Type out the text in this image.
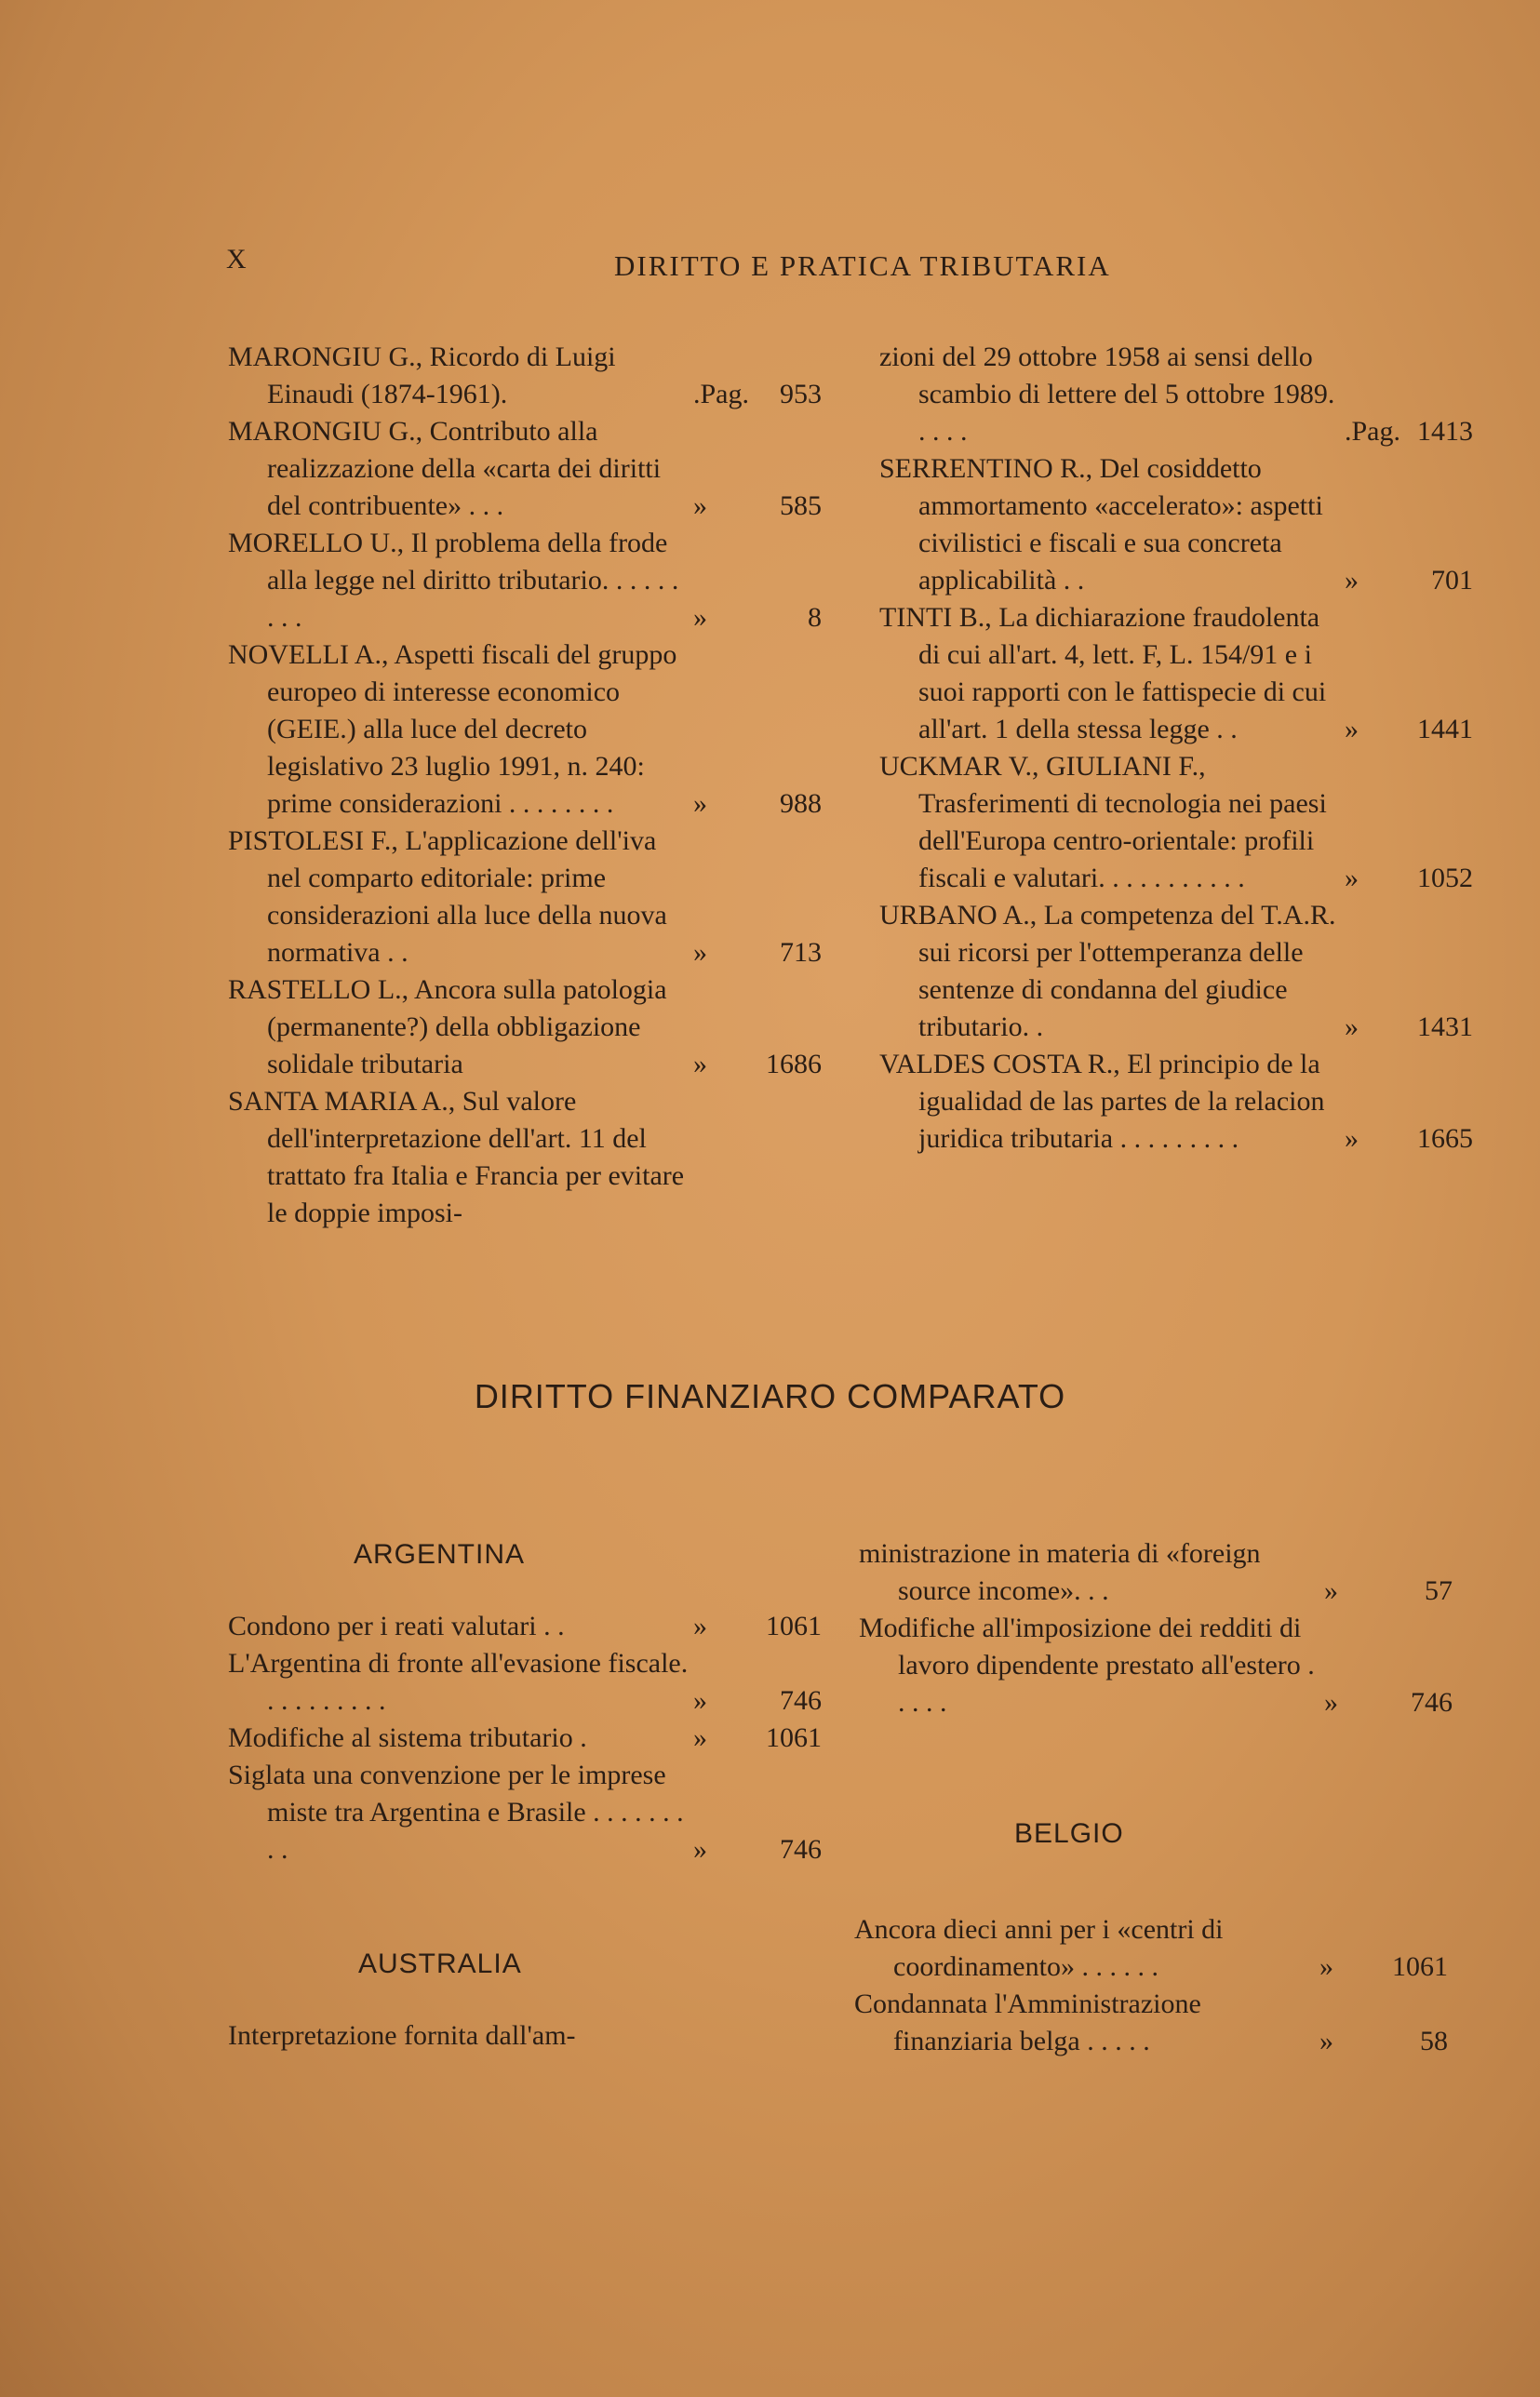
X	DIRITTO E PRATICA TRIBUTARIA
MARONGIU G., Ricordo di Luigi Einaudi (1874-1961).	.Pag. 953
MARONGIU G., Contributo alla realizzazione della «carta dei diritti del contribuente» . . .	»	585
MORELLO U., Il problema della frode alla legge nel diritto tributario. . . . . . . . .	»	8
NOVELLI A., Aspetti fiscali del gruppo europeo di interesse economico (GEIE.) alla luce del decreto legislativo 23 luglio 1991, n. 240: prime considerazioni . . . . . . . .	»	988
PISTOLESI F., L'applicazione dell'iva nel comparto editoriale: prime considerazioni alla luce della nuova normativa . .	»	713
RASTELLO L., Ancora sulla patologia (permanente?) della obbligazione solidale tributaria	» 1686
SANTA MARIA A., Sul valore dell'interpretazione dell'art. 11 del trattato fra Italia e Francia per evitare le doppie imposi-
zioni del 29 ottobre 1958 ai sensi dello scambio di lettere del 5 ottobre 1989. . . . .	.Pag. 1413
SERRENTINO R., Del cosiddetto ammortamento «accelerato»: aspetti civilistici e fiscali e sua concreta applicabilità . .	»	701
TINTI B., La dichiarazione fraudolenta di cui all'art. 4, lett. F, L. 154/91 e i suoi rapporti con le fattispecie di cui all'art. 1 della stessa legge . .	» 1441
UCKMAR V., GIULIANI F., Trasferimenti di tecnologia nei paesi dell'Europa centro-orientale: profili fiscali e valutari. . . . . . . . . . .	» 1052
URBANO A., La competenza del T.A.R. sui ricorsi per l'ottemperanza delle sentenze di condanna del giudice tributario. .	» 1431
VALDES COSTA R., El principio de la igualidad de las partes de la relacion juridica tributaria . . . . . . . . .	» 1665
DIRITTO FINANZIARO COMPARATO
ARGENTINA
Condono per i reati valutari . .	» 1061
L'Argentina di fronte all'evasione fiscale. . . . . . . . . .	»	746
Modifiche al sistema tributario .	» 1061
Siglata una convenzione per le imprese miste tra Argentina e Brasile . . . . . . . . .	»	746
AUSTRALIA
Interpretazione fornita dall'am-
ministrazione in materia di «foreign source income». . .	»	57
Modifiche all'imposizione dei redditi di lavoro dipendente prestato all'estero . . . . .	»	746
BELGIO
Ancora dieci anni per i «centri di coordinamento» . . . . . .	» 1061
Condannata l'Amministrazione finanziaria belga . . . . .	»	58
